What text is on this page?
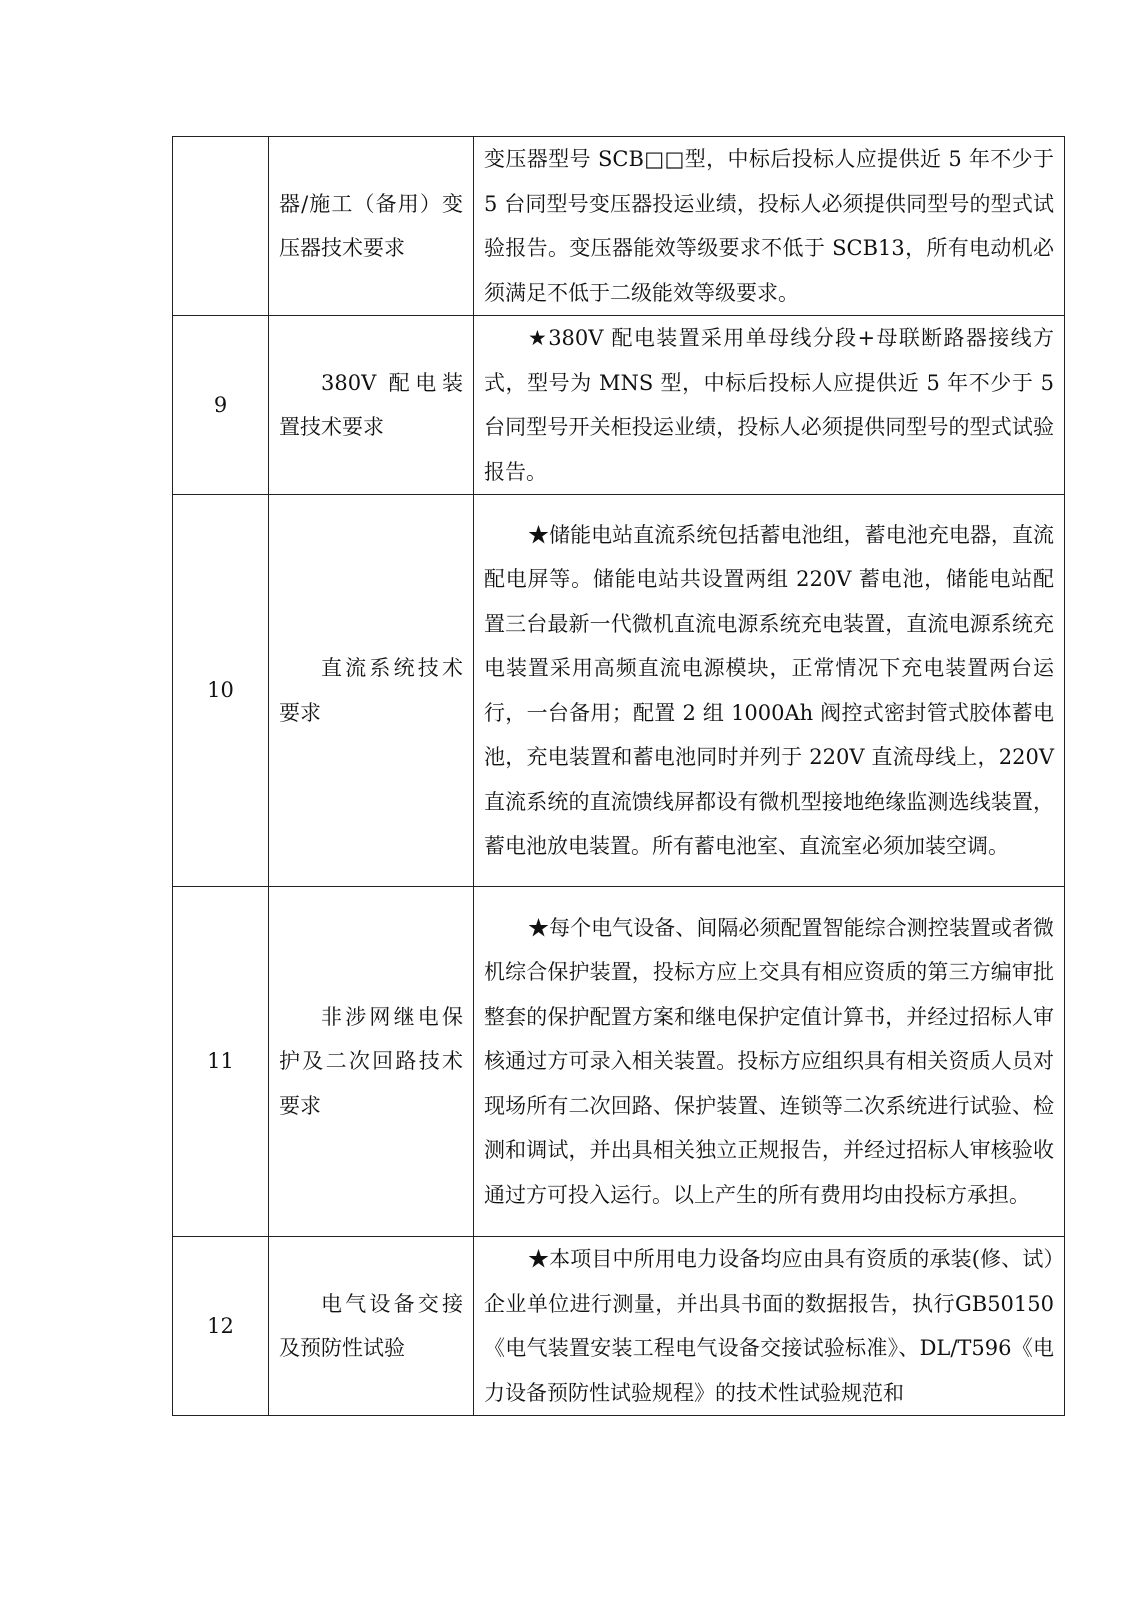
	器/施工（备用）变压器技术要求	变压器型号 SCB□□型，中标后投标人应提供近 5 年不少于 5 台同型号变压器投运业绩，投标人必须提供同型号的型式试验报告。变压器能效等级要求不低于 SCB13，所有电动机必须满足不低于二级能效等级要求。
9	380V 配电装置技术要求	★380V 配电装置采用单母线分段+母联断路器接线方式，型号为 MNS 型，中标后投标人应提供近 5 年不少于 5 台同型号开关柜投运业绩，投标人必须提供同型号的型式试验报告。
10	直流系统技术要求	★储能电站直流系统包括蓄电池组，蓄电池充电器，直流配电屏等。储能电站共设置两组 220V 蓄电池，储能电站配置三台最新一代微机直流电源系统充电装置，直流电源系统充电装置采用高频直流电源模块，正常情况下充电装置两台运行，一台备用；配置 2 组 1000Ah 阀控式密封管式胶体蓄电池，充电装置和蓄电池同时并列于 220V 直流母线上，220V 直流系统的直流馈线屏都设有微机型接地绝缘监测选线装置，蓄电池放电装置。所有蓄电池室、直流室必须加装空调。
11	非涉网继电保护及二次回路技术要求	★每个电气设备、间隔必须配置智能综合测控装置或者微机综合保护装置，投标方应上交具有相应资质的第三方编审批整套的保护配置方案和继电保护定值计算书，并经过招标人审核通过方可录入相关装置。投标方应组织具有相关资质人员对现场所有二次回路、保护装置、连锁等二次系统进行试验、检测和调试，并出具相关独立正规报告，并经过招标人审核验收通过方可投入运行。以上产生的所有费用均由投标方承担。
12	电气设备交接及预防性试验	★本项目中所用电力设备均应由具有资质的承装(修、试）企业单位进行测量，并出具书面的数据报告，执行GB50150《电气装置安装工程电气设备交接试验标准》、DL/T596《电力设备预防性试验规程》的技术性试验规范和
